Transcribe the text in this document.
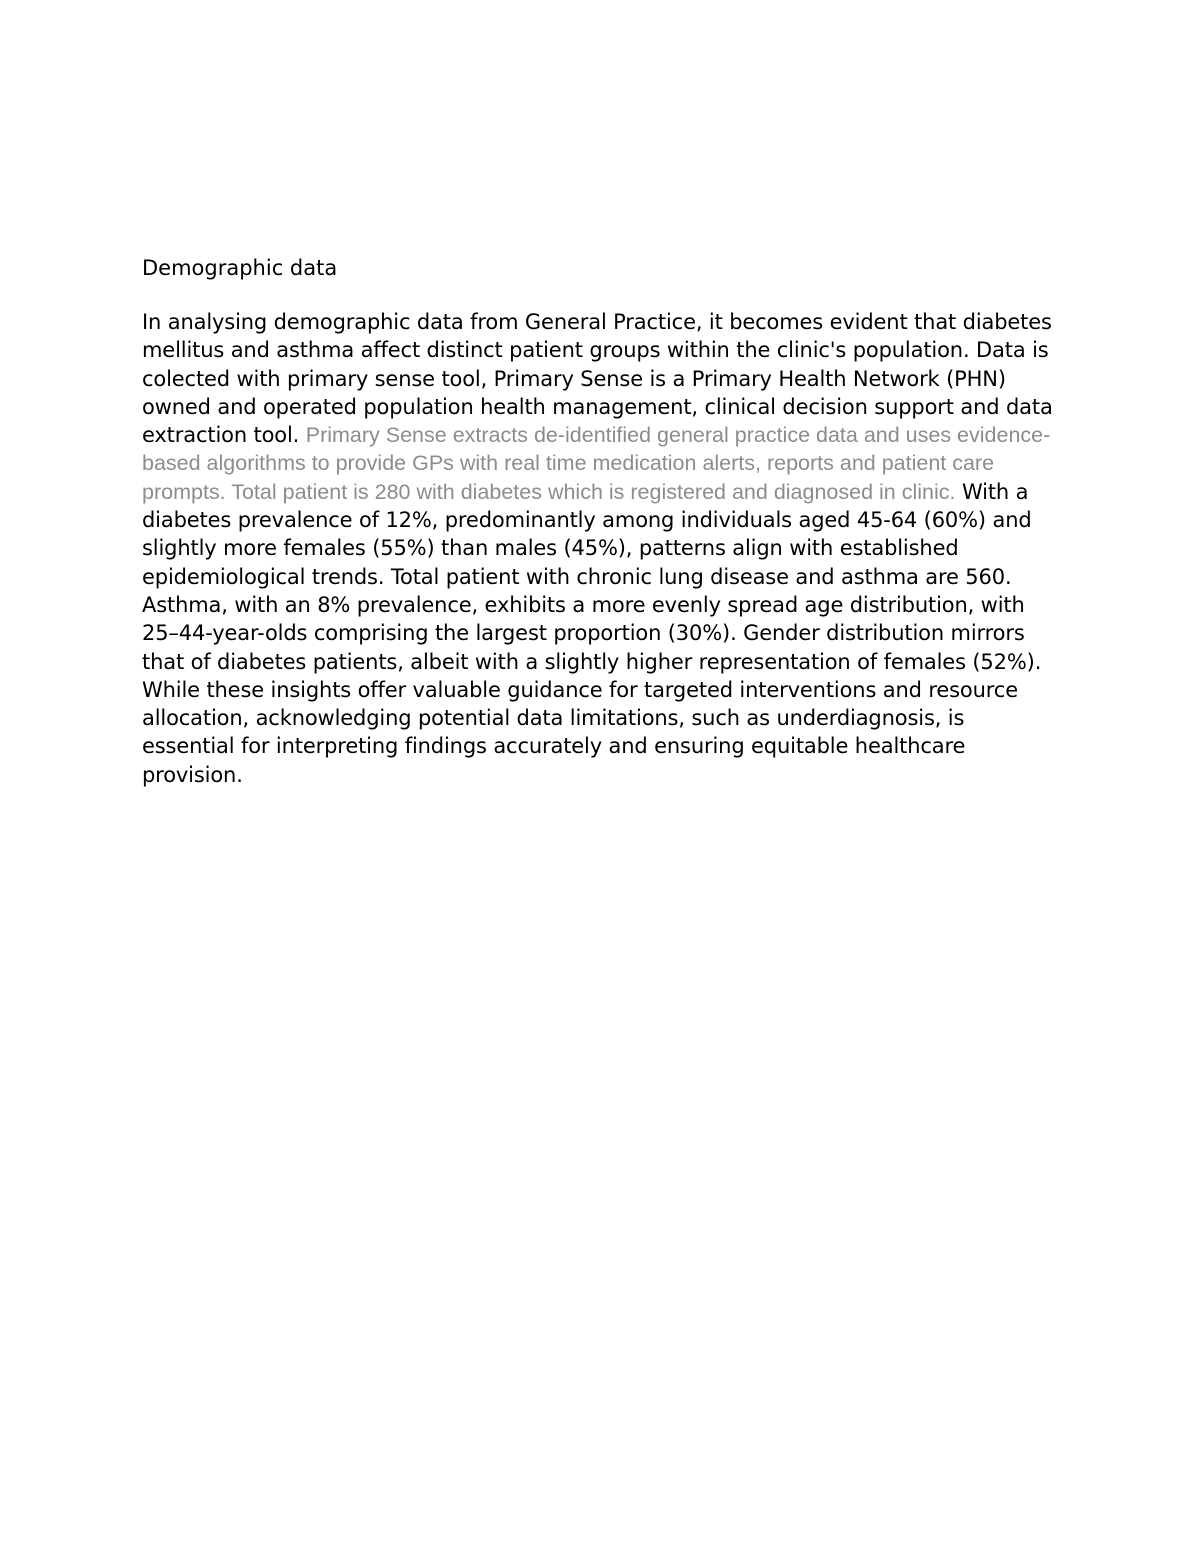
Demographic data

In analysing demographic data from General Practice, it becomes evident that diabetes mellitus and asthma affect distinct patient groups within the clinic's population. Data is colected with primary sense tool, Primary Sense is a Primary Health Network (PHN) owned and operated population health management, clinical decision support and data extraction tool. Primary Sense extracts de-identified general practice data and uses evidence-based algorithms to provide GPs with real time medication alerts, reports and patient care prompts. Total patient is 280 with diabetes which is registered and diagnosed in clinic. With a diabetes prevalence of 12%, predominantly among individuals aged 45-64 (60%) and slightly more females (55%) than males (45%), patterns align with established epidemiological trends. Total patient with chronic lung disease and asthma are 560. Asthma, with an 8% prevalence, exhibits a more evenly spread age distribution, with 25–44-year-olds comprising the largest proportion (30%). Gender distribution mirrors that of diabetes patients, albeit with a slightly higher representation of females (52%). While these insights offer valuable guidance for targeted interventions and resource allocation, acknowledging potential data limitations, such as underdiagnosis, is essential for interpreting findings accurately and ensuring equitable healthcare provision.
